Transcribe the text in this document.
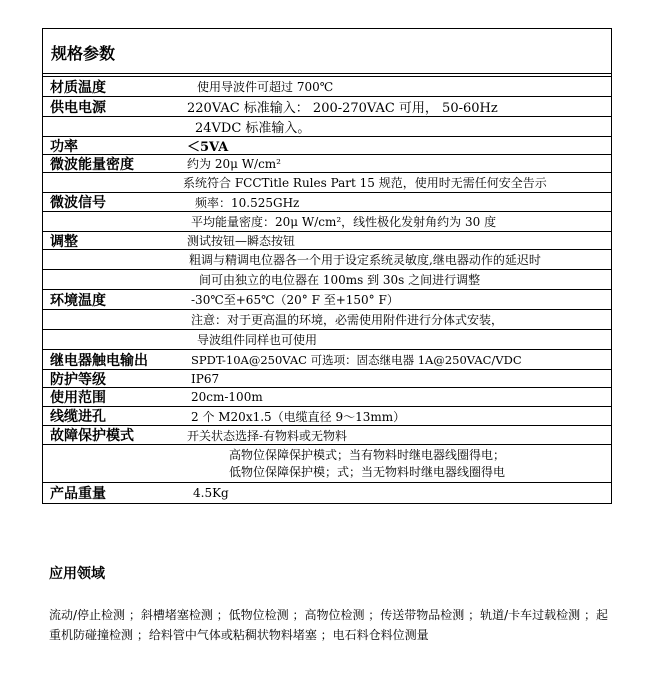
规格参数
材质温度	使用导波件可超过 700℃
供电电源	220VAC 标准输入： 200-270VAC 可用， 50-60Hz
24VDC 标准输入。
功率	＜5VA
微波能量密度	约为 20μ W/cm²
系统符合 FCCTitle Rules Part 15 规范，使用时无需任何安全告示
微波信号	频率：10.525GHz
平均能量密度：20μ W/cm²，线性极化发射角约为 30 度
调整	测试按钮—瞬态按钮
粗调与精调电位器各一个用于设定系统灵敏度,继电器动作的延迟时
间可由独立的电位器在 100ms 到 30s 之间进行调整
环境温度	-30℃至+65℃（20° F 至+150° F）
注意：对于更高温的环境，必需使用附件进行分体式安装，
导波组件同样也可使用
继电器触电输出	SPDT-10A@250VAC 可选项：固态继电器 1A@250VAC/VDC
防护等级	IP67
使用范围	20cm-100m
线缆进孔	2 个 M20x1.5（电缆直径 9～13mm）
故障保护模式	开关状态选择-有物料或无物料
高物位保障保护模式；当有物料时继电器线圈得电；
低物位保障保护模；式；当无物料时继电器线圈得电
产品重量	4.5Kg
应用领域
流动/停止检测 ；斜槽堵塞检测 ；低物位检测 ；高物位检测 ；传送带物品检测 ；轨道/卡车过载检测 ；起重机防碰撞检测 ；给料管中气体或粘稠状物料堵塞 ；电石料仓料位测量
